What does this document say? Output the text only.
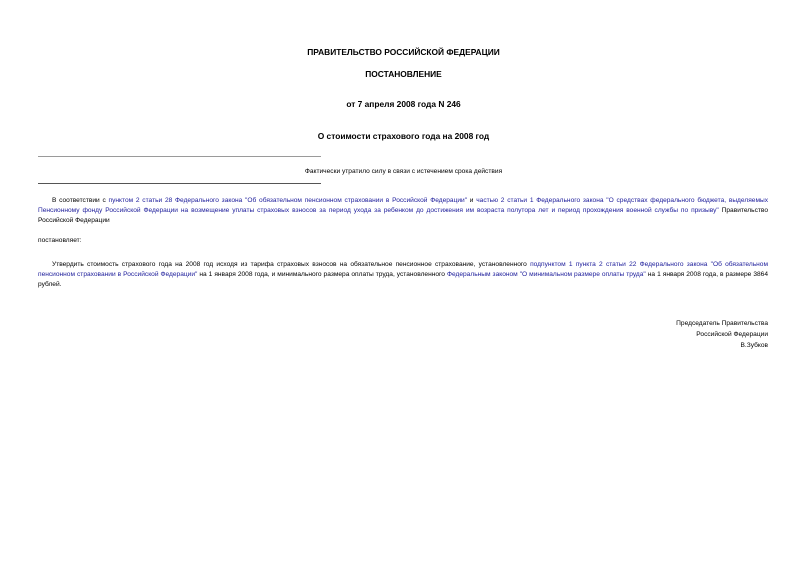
ПРАВИТЕЛЬСТВО РОССИЙСКОЙ ФЕДЕРАЦИИ
ПОСТАНОВЛЕНИЕ
от 7 апреля 2008 года N 246
О стоимости страхового года на 2008 год
Фактически утратило силу в связи с истечением срока действия
В соответствии с пунктом 2 статьи 28 Федерального закона "Об обязательном пенсионном страховании в Российской Федерации" и частью 2 статьи 1 Федерального закона "О средствах федерального бюджета, выделяемых Пенсионному фонду Российской Федерации на возмещение уплаты страховых взносов за период ухода за ребенком до достижения им возраста полутора лет и период прохождения военной службы по призыву" Правительство Российской Федерации
постановляет:
Утвердить стоимость страхового года на 2008 год исходя из тарифа страховых взносов на обязательное пенсионное страхование, установленного подпунктом 1 пункта 2 статьи 22 Федерального закона "Об обязательном пенсионном страховании в Российской Федерации" на 1 января 2008 года, и минимального размера оплаты труда, установленного Федеральным законом "О минимальном размере оплаты труда" на 1 января 2008 года, в размере 3864 рублей.
Председатель Правительства
Российской Федерации
В.Зубков
